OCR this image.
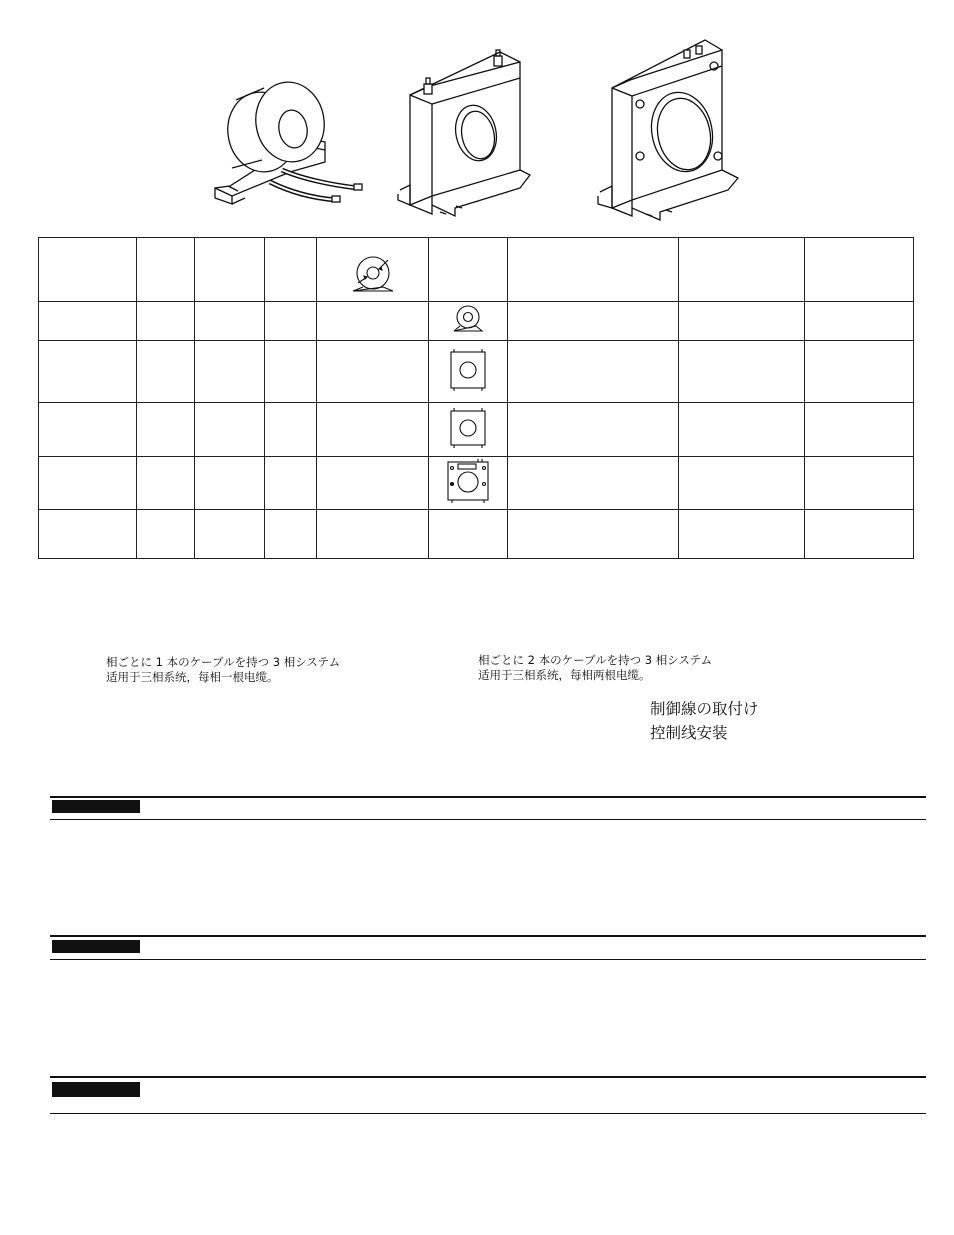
相ごとに 1 本のケーブルを持つ 3 相システム
适用于三相系统，每相一根电缆。
相ごとに 2 本のケーブルを持つ 3 相システム
适用于三相系统，每相两根电缆。
制御線の取付け
控制线安装
